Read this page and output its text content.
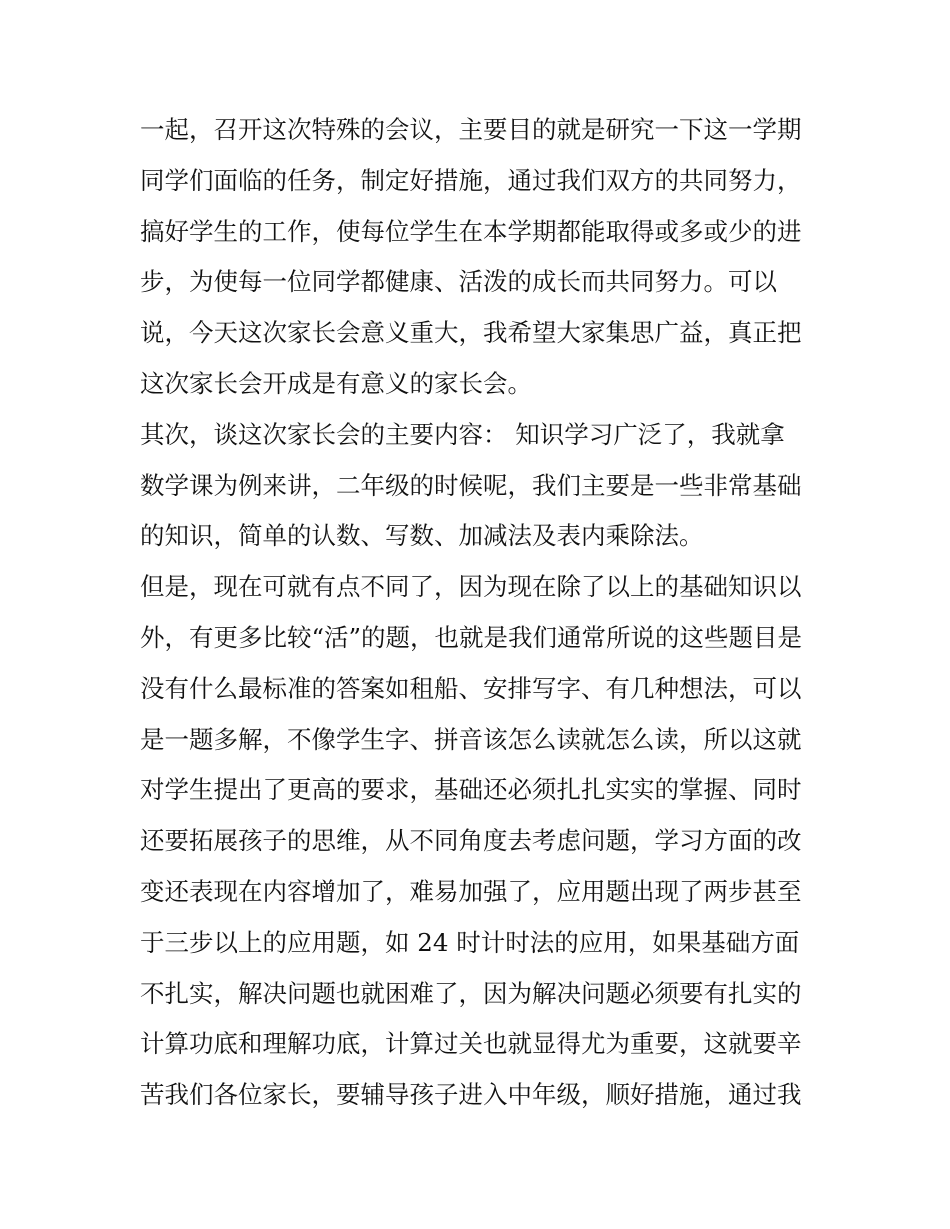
一起，召开这次特殊的会议，主要目的就是研究一下这一学期
同学们面临的任务，制定好措施，通过我们双方的共同努力，
搞好学生的工作，使每位学生在本学期都能取得或多或少的进
步，为使每一位同学都健康、活泼的成长而共同努力。可以
说，今天这次家长会意义重大，我希望大家集思广益，真正把
这次家长会开成是有意义的家长会。
其次，谈这次家长会的主要内容： 知识学习广泛了，我就拿
数学课为例来讲，二年级的时候呢，我们主要是一些非常基础
的知识，简单的认数、写数、加减法及表内乘除法。
但是，现在可就有点不同了，因为现在除了以上的基础知识以
外，有更多比较“活”的题，也就是我们通常所说的这些题目是
没有什么最标准的答案如租船、安排写字、有几种想法，可以
是一题多解，不像学生字、拼音该怎么读就怎么读，所以这就
对学生提出了更高的要求，基础还必须扎扎实实的掌握、同时
还要拓展孩子的思维，从不同角度去考虑问题，学习方面的改
变还表现在内容增加了，难易加强了，应用题出现了两步甚至
于三步以上的应用题，如 24 时计时法的应用，如果基础方面
不扎实，解决问题也就困难了，因为解决问题必须要有扎实的
计算功底和理解功底，计算过关也就显得尤为重要，这就要辛
苦我们各位家长，要辅导孩子进入中年级，顺好措施，通过我
